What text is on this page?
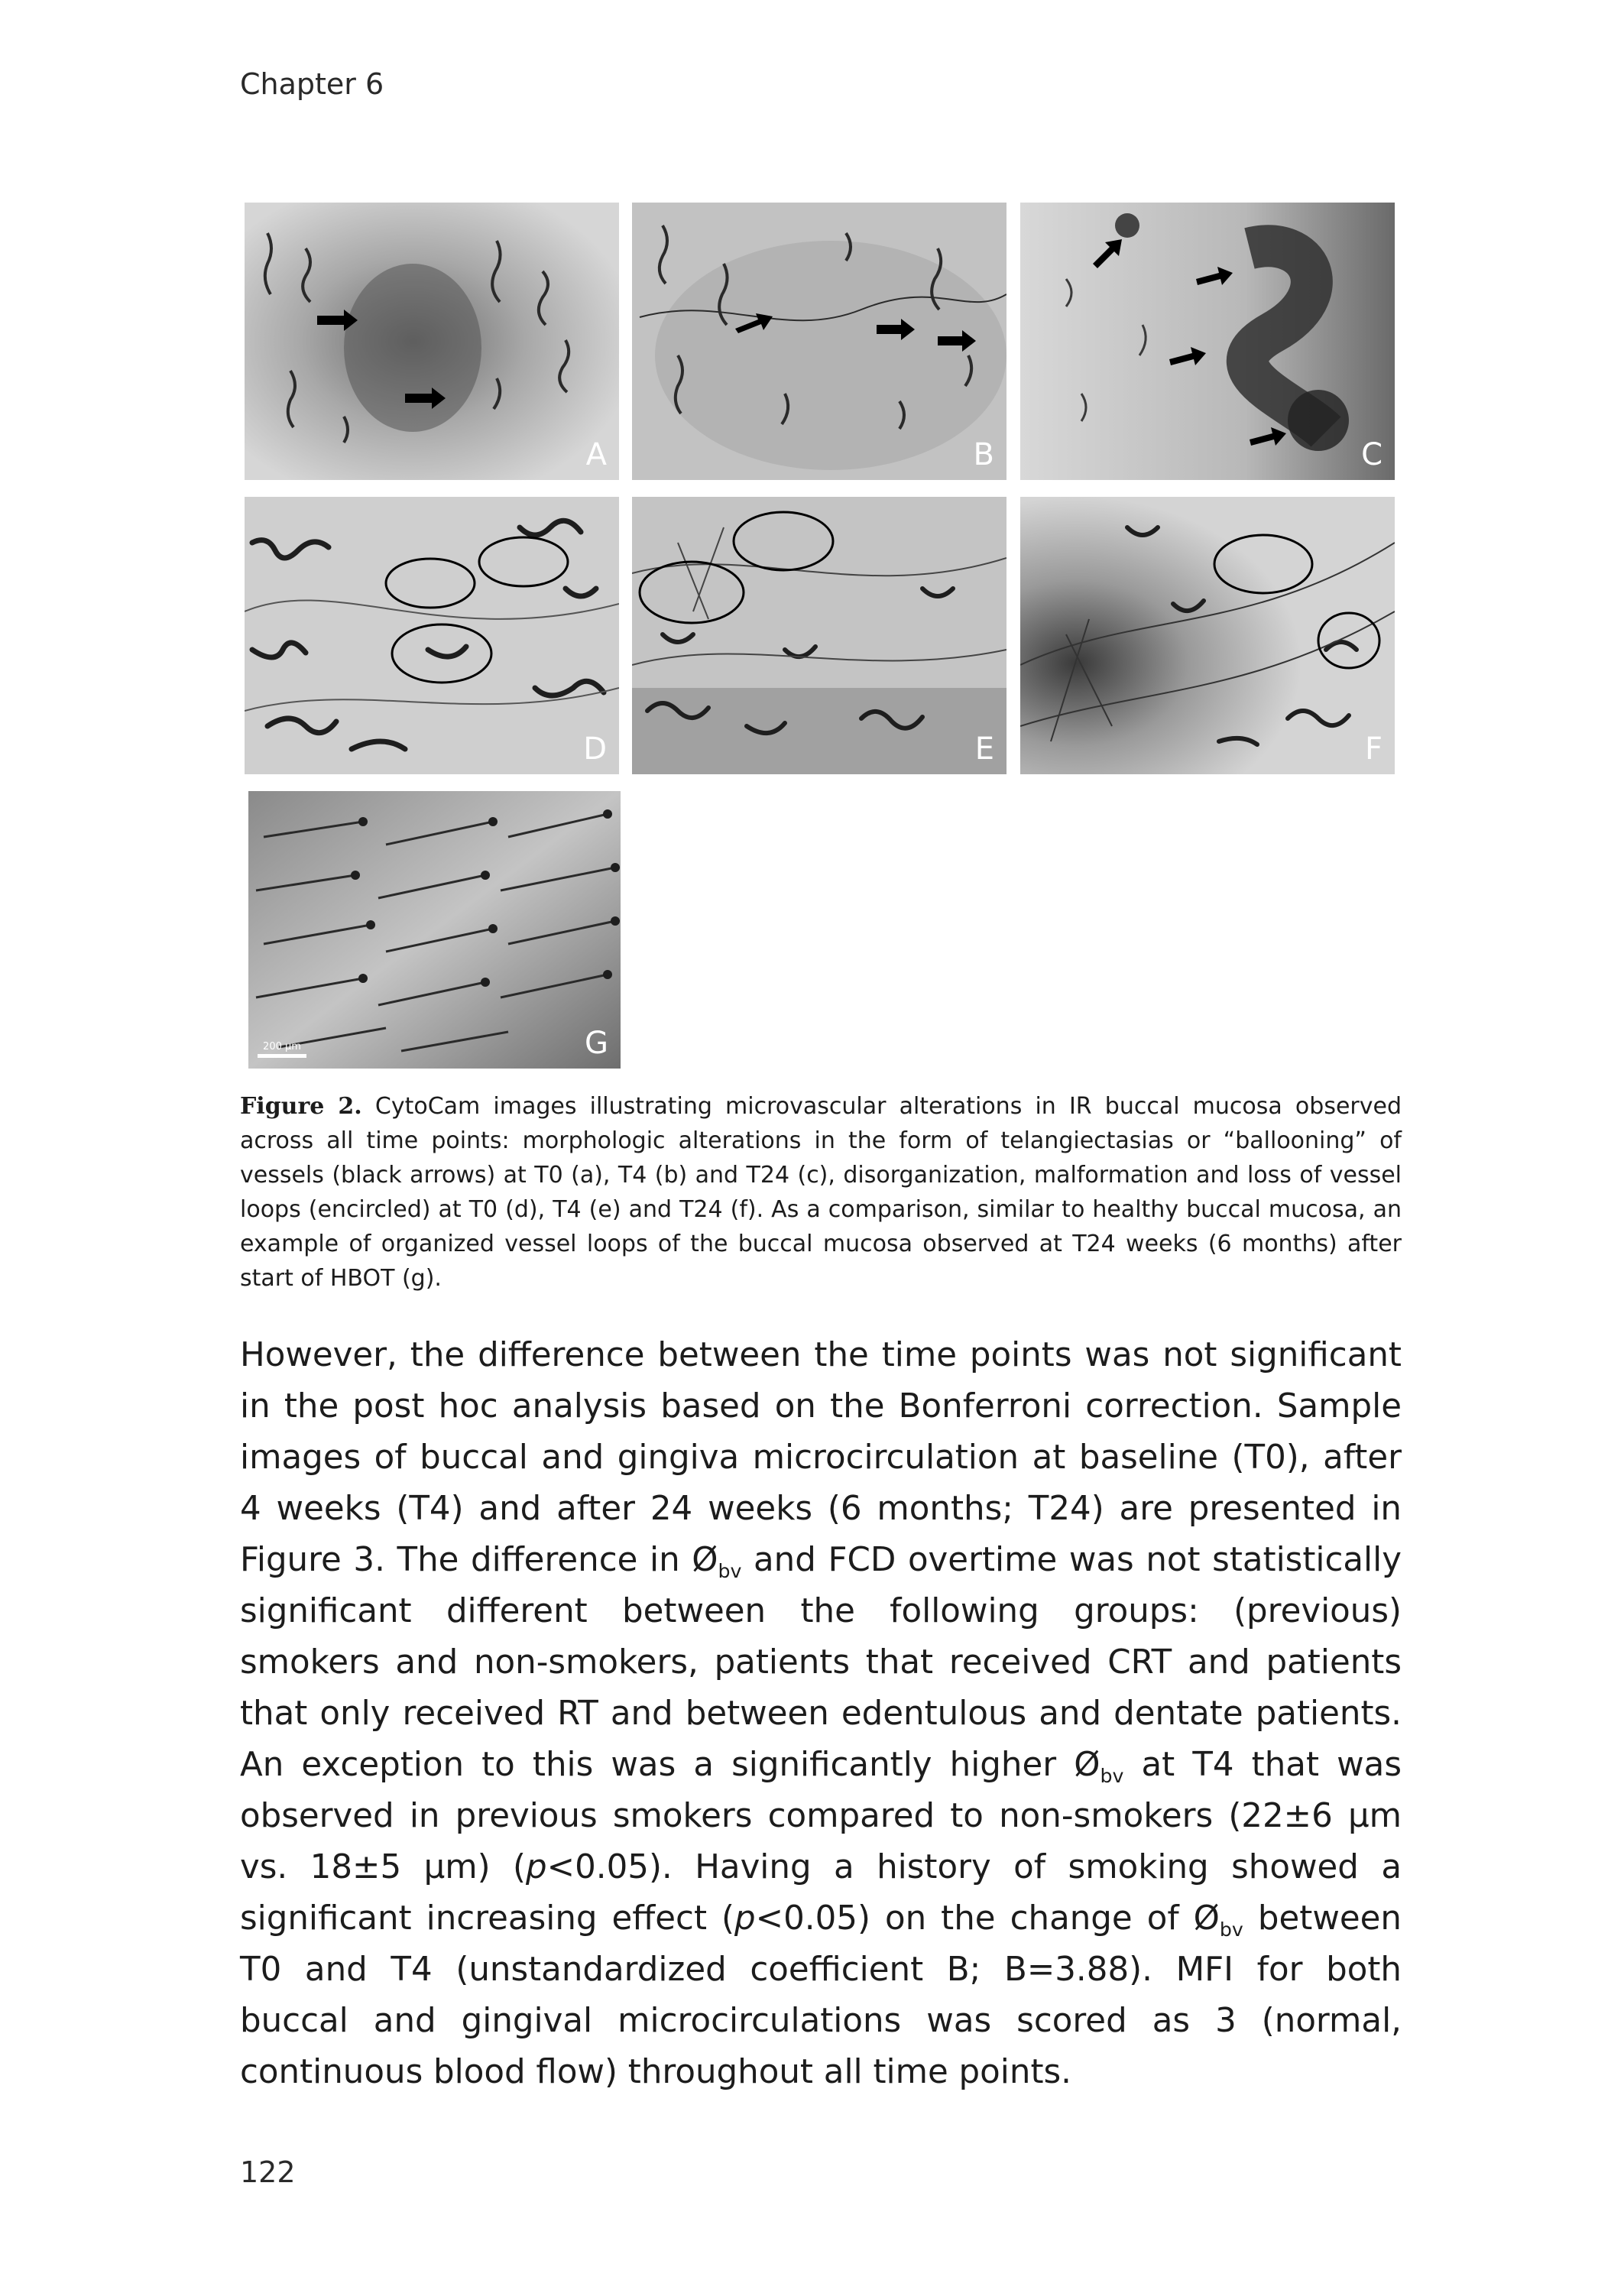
Chapter 6
A	B	C
D	E	F
200 µm	G
Figure 2. CytoCam images illustrating microvascular alterations in IR buccal mucosa observed across all time points: morphologic alterations in the form of telangiectasias or “ballooning” of vessels (black arrows) at T0 (a), T4 (b) and T24 (c), disorganization, malformation and loss of vessel loops (encircled) at T0 (d), T4 (e) and T24 (f). As a comparison, similar to healthy buccal mucosa, an example of organized vessel loops of the buccal mucosa observed at T24 weeks (6 months) after start of HBOT (g).

However, the difference between the time points was not significant in the post hoc analysis based on the Bonferroni correction. Sample images of buccal and gingiva microcirculation at baseline (T0), after 4 weeks (T4) and after 24 weeks (6 months; T24) are presented in Figure 3. The difference in $Ø_{bv}$ and FCD overtime was not statistically significant different between the following groups: (previous) smokers and non-smokers, patients that received CRT and patients that only received RT and between edentulous and dentate patients. An exception to this was a significantly higher $Ø_{bv}$ at T4 that was observed in previous smokers compared to non-smokers (22±6 µm vs. 18±5 µm) (p<0.05). Having a history of smoking showed a significant increasing effect (p<0.05) on the change of $Ø_{bv}$ between T0 and T4 (unstandardized coefficient B; B=3.88). MFI for both buccal and gingival microcirculations was scored as 3 (normal, continuous blood flow) throughout all time points.

122
